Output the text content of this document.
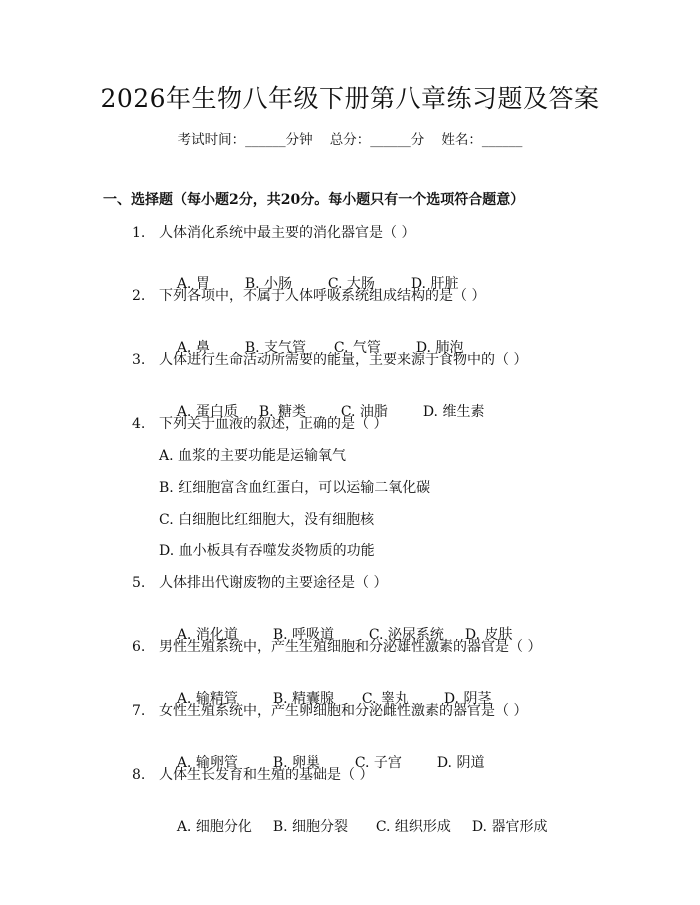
2026年生物八年级下册第八章练习题及答案
考试时间：______分钟    总分：______分    姓名：______
一、选择题（每小题2分，共20分。每小题只有一个选项符合题意）
1. 人体消化系统中最主要的消化器官是（ ）

A. 胃 B. 小肠	C. 大肠	D. 肝脏

2. 下列各项中，不属于人体呼吸系统组成结构的是（ ）

A. 鼻 B. 支气管 C. 气管 D. 肺泡

3. 人体进行生命活动所需要的能量，主要来源于食物中的（ ）

A. 蛋白质 B. 糖类 C. 油脂 D. 维生素

4. 下列关于血液的叙述，正确的是（ ）
A. 血浆的主要功能是运输氧气
B. 红细胞富含血红蛋白，可以运输二氧化碳
C. 白细胞比红细胞大，没有细胞核
D. 血小板具有吞噬发炎物质的功能
5. 人体排出代谢废物的主要途径是（ ）

A. 消化道 B. 呼吸道 C. 泌尿系统 D. 皮肤

6. 男性生殖系统中，产生生殖细胞和分泌雄性激素的器官是（ ）

A. 输精管 B. 精囊腺 C. 睾丸 D. 阴茎

7. 女性生殖系统中，产生卵细胞和分泌雌性激素的器官是（ ）

A. 输卵管 B. 卵巢 C. 子宫 D. 阴道

8. 人体生长发育和生殖的基础是（ ）

A. 细胞分化 B. 细胞分裂 C. 组织形成 D. 器官形成
